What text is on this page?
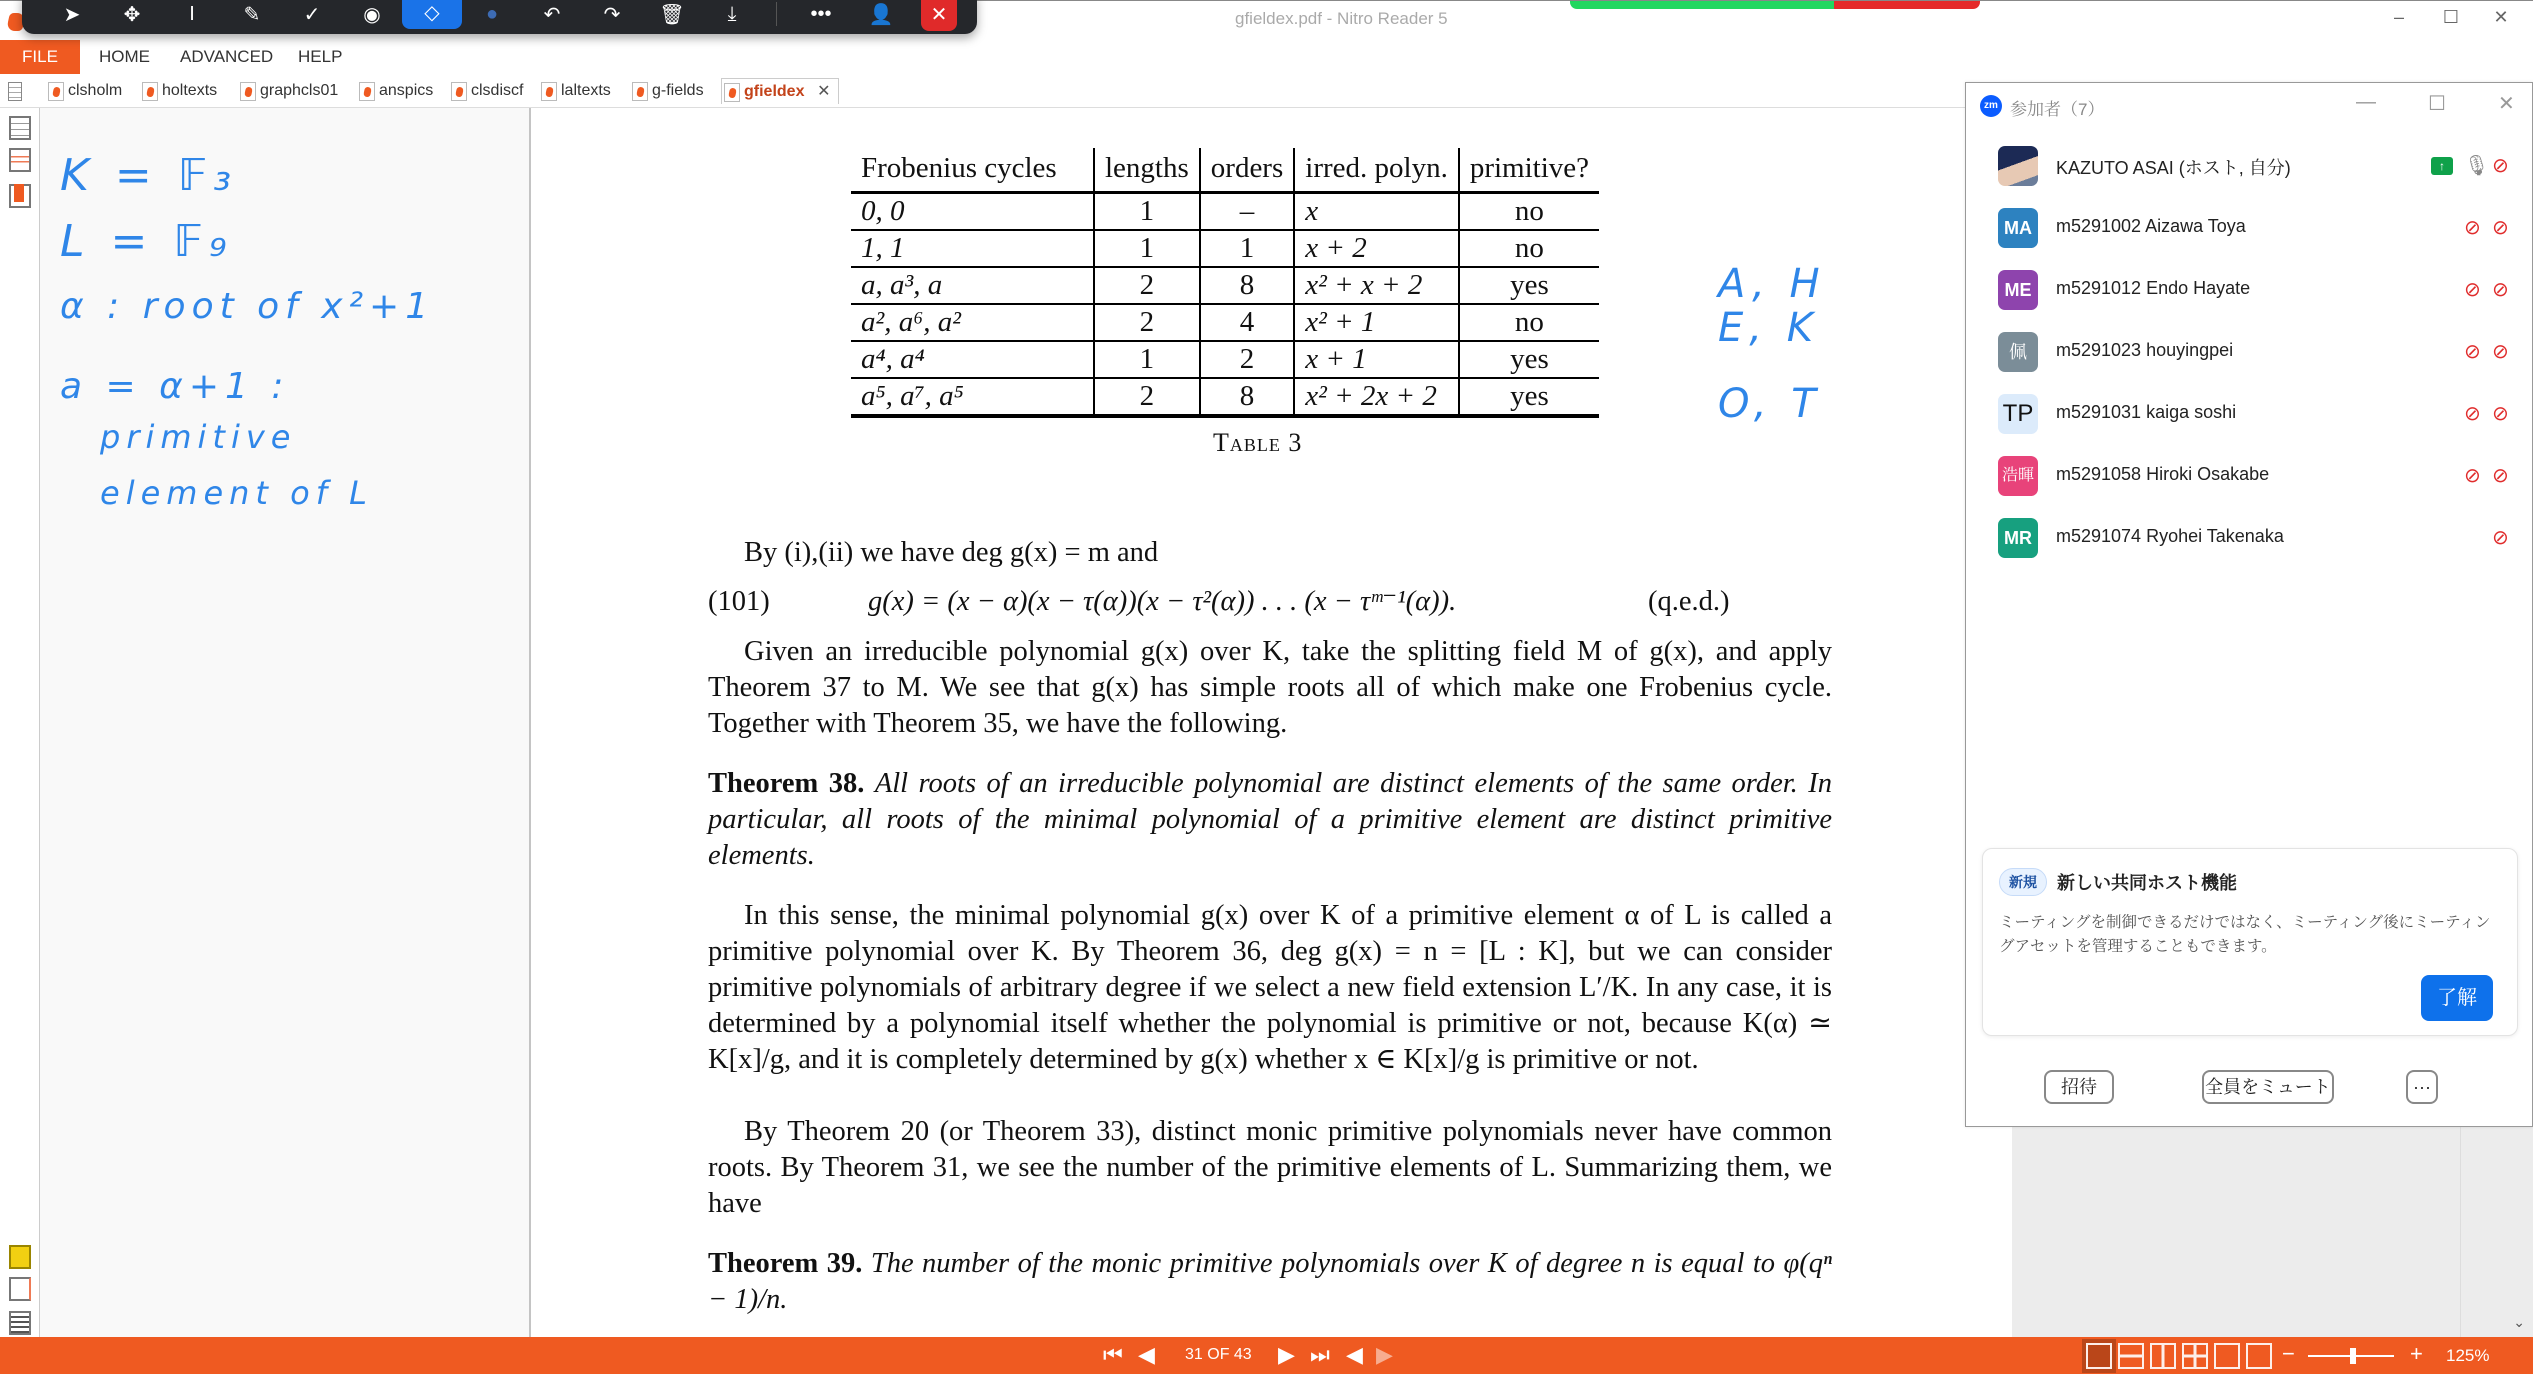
K = 𝔽₃
L = 𝔽₉
α : root of x²+1
a = α+1 :
primitive
element of L
Frobenius cycles	lengths	orders	irred. polyn.	primitive?
0, 0	1	–	x	no
1, 1	1	1	x + 2	no
a, a³, a	2	8	x² + x + 2	yes
a², a⁶, a²	2	4	x² + 1	no
a⁴, a⁴	1	2	x + 1	yes
a⁵, a⁷, a⁵	2	8	x² + 2x + 2	yes
Table 3
A, H
E, K
O, T
By (i),(ii) we have deg g(x) = m and
(101)	g(x) = (x − α)(x − τ(α))(x − τ²(α)) . . . (x − τᵐ⁻¹(α)).	(q.e.d.)
Given an irreducible polynomial g(x) over K, take the splitting field M of g(x), and apply Theorem 37 to M. We see that g(x) has simple roots all of which make one Frobenius cycle. Together with Theorem 35, we have the following.
Theorem 38. All roots of an irreducible polynomial are distinct elements of the same order. In particular, all roots of the minimal polynomial of a primitive element are distinct primitive elements.
In this sense, the minimal polynomial g(x) over K of a primitive element α of L is called a primitive polynomial over K. By Theorem 36, deg g(x) = n = [L : K], but we can consider primitive polynomials of arbitrary degree if we select a new field extension L′/K. In any case, it is determined by a polynomial itself whether the polynomial is primitive or not, because K(α) ≃ K[x]/g, and it is completely determined by g(x) whether x ∈ K[x]/g is primitive or not.
By Theorem 20 (or Theorem 33), distinct monic primitive polynomials never have common roots. By Theorem 31, we see the number of the primitive elements of L. Summarizing them, we have
Theorem 39. The number of the monic primitive polynomials over K of degree n is equal to φ(qⁿ − 1)/n.
⌄
gfieldex.pdf - Nitro Reader 5	–	☐	✕
FILE	HOME ADVANCED HELP
clsholm	holtexts	graphcls01	anspics	clsdiscf	laltexts	g-fields	gfieldex ✕
➤	✥	I	✎	✓	◉	◇	●	↶	↷	🗑	⤓	•••	👤	✕
zm 参加者（7）	—	☐	✕
KAZUTO ASAI (ホスト, 自分)	↑ 🎙 ⊘
MA	m5291002 Aizawa Toya	⊘ ⊘
ME	m5291012 Endo Hayate	⊘ ⊘
佩	m5291023 houyingpei	⊘ ⊘
TP m5291031 kaiga soshi	⊘ ⊘
浩暉 m5291058 Hiroki Osakabe	⊘ ⊘
MR	m5291074 Ryohei Takenaka	⊘
新規	新しい共同ホスト機能
ミーティングを制御できるだけではなく、ミーティング後にミーティングアセットを管理することもできます。
了解
招待	全員をミュート	···
⏮ ◀ 31 OF 43 ▶ ⏭ ◀ ▶	−	+ 125%
